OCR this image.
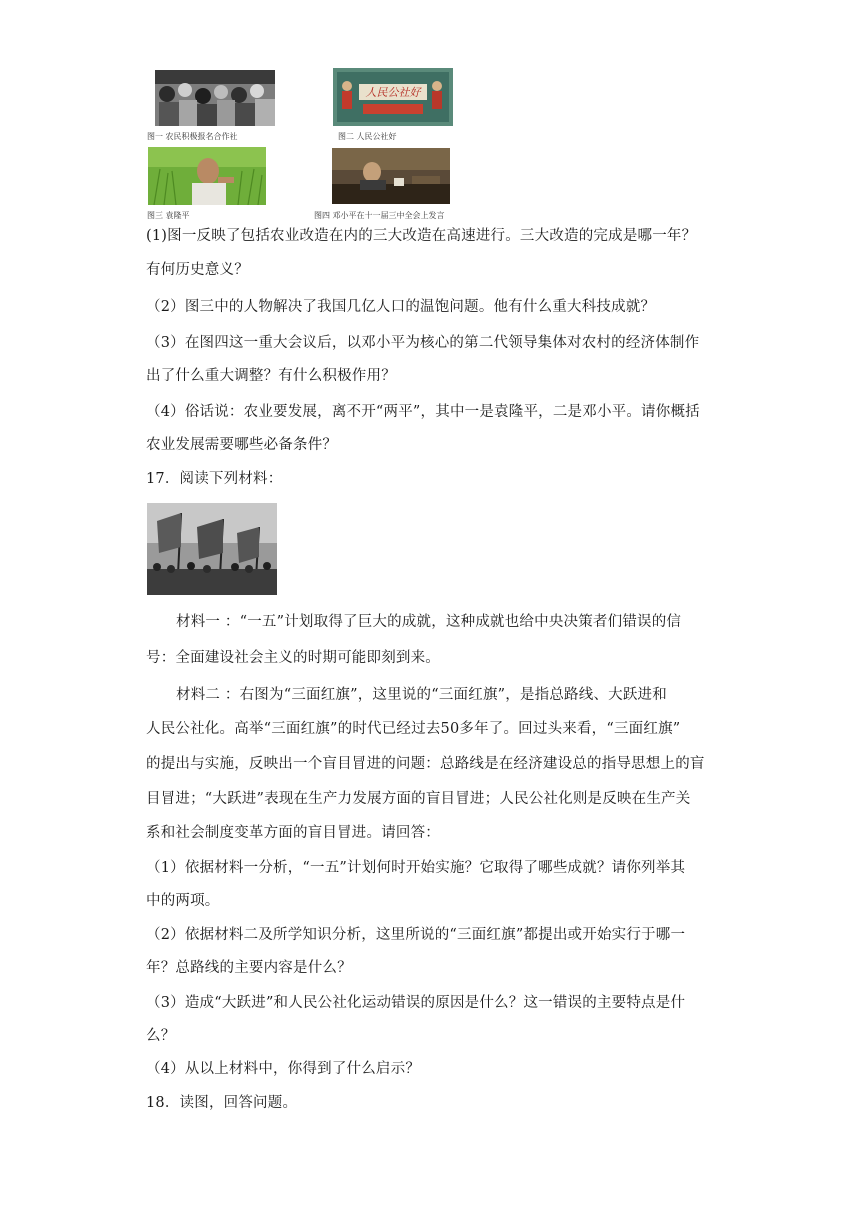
图一 农民积极报名合作社
人民公社好
图二 人民公社好
图三 袁隆平	图四 邓小平在十一届三中全会上发言
(1)图一反映了包括农业改造在内的三大改造在高速进行。三大改造的完成是哪一年？
有何历史意义？
（2）图三中的人物解决了我国几亿人口的温饱问题。他有什么重大科技成就？
（3）在图四这一重大会议后，以邓小平为核心的第二代领导集体对农村的经济体制作
出了什么重大调整？有什么积极作用？
（4）俗话说：农业要发展，离不开“两平”，其中一是袁隆平，二是邓小平。请你概括
农业发展需要哪些必备条件？
17．阅读下列材料：
材料一 ：“一五”计划取得了巨大的成就，这种成就也给中央决策者们错误的信
号：全面建设社会主义的时期可能即刻到来。
材料二 ：右图为“三面红旗”，这里说的“三面红旗”，是指总路线、大跃进和
人民公社化。高举“三面红旗”的时代已经过去50多年了。回过头来看，“三面红旗”
的提出与实施，反映出一个盲目冒进的问题：总路线是在经济建设总的指导思想上的盲
目冒进；“大跃进”表现在生产力发展方面的盲目冒进；人民公社化则是反映在生产关
系和社会制度变革方面的盲目冒进。请回答：
（1）依据材料一分析，“一五”计划何时开始实施？它取得了哪些成就？请你列举其
中的两项。
（2）依据材料二及所学知识分析，这里所说的“三面红旗”都提出或开始实行于哪一
年？总路线的主要内容是什么？
（3）造成“大跃进”和人民公社化运动错误的原因是什么？这一错误的主要特点是什
么？
（4）从以上材料中，你得到了什么启示？
18．读图，回答问题。
